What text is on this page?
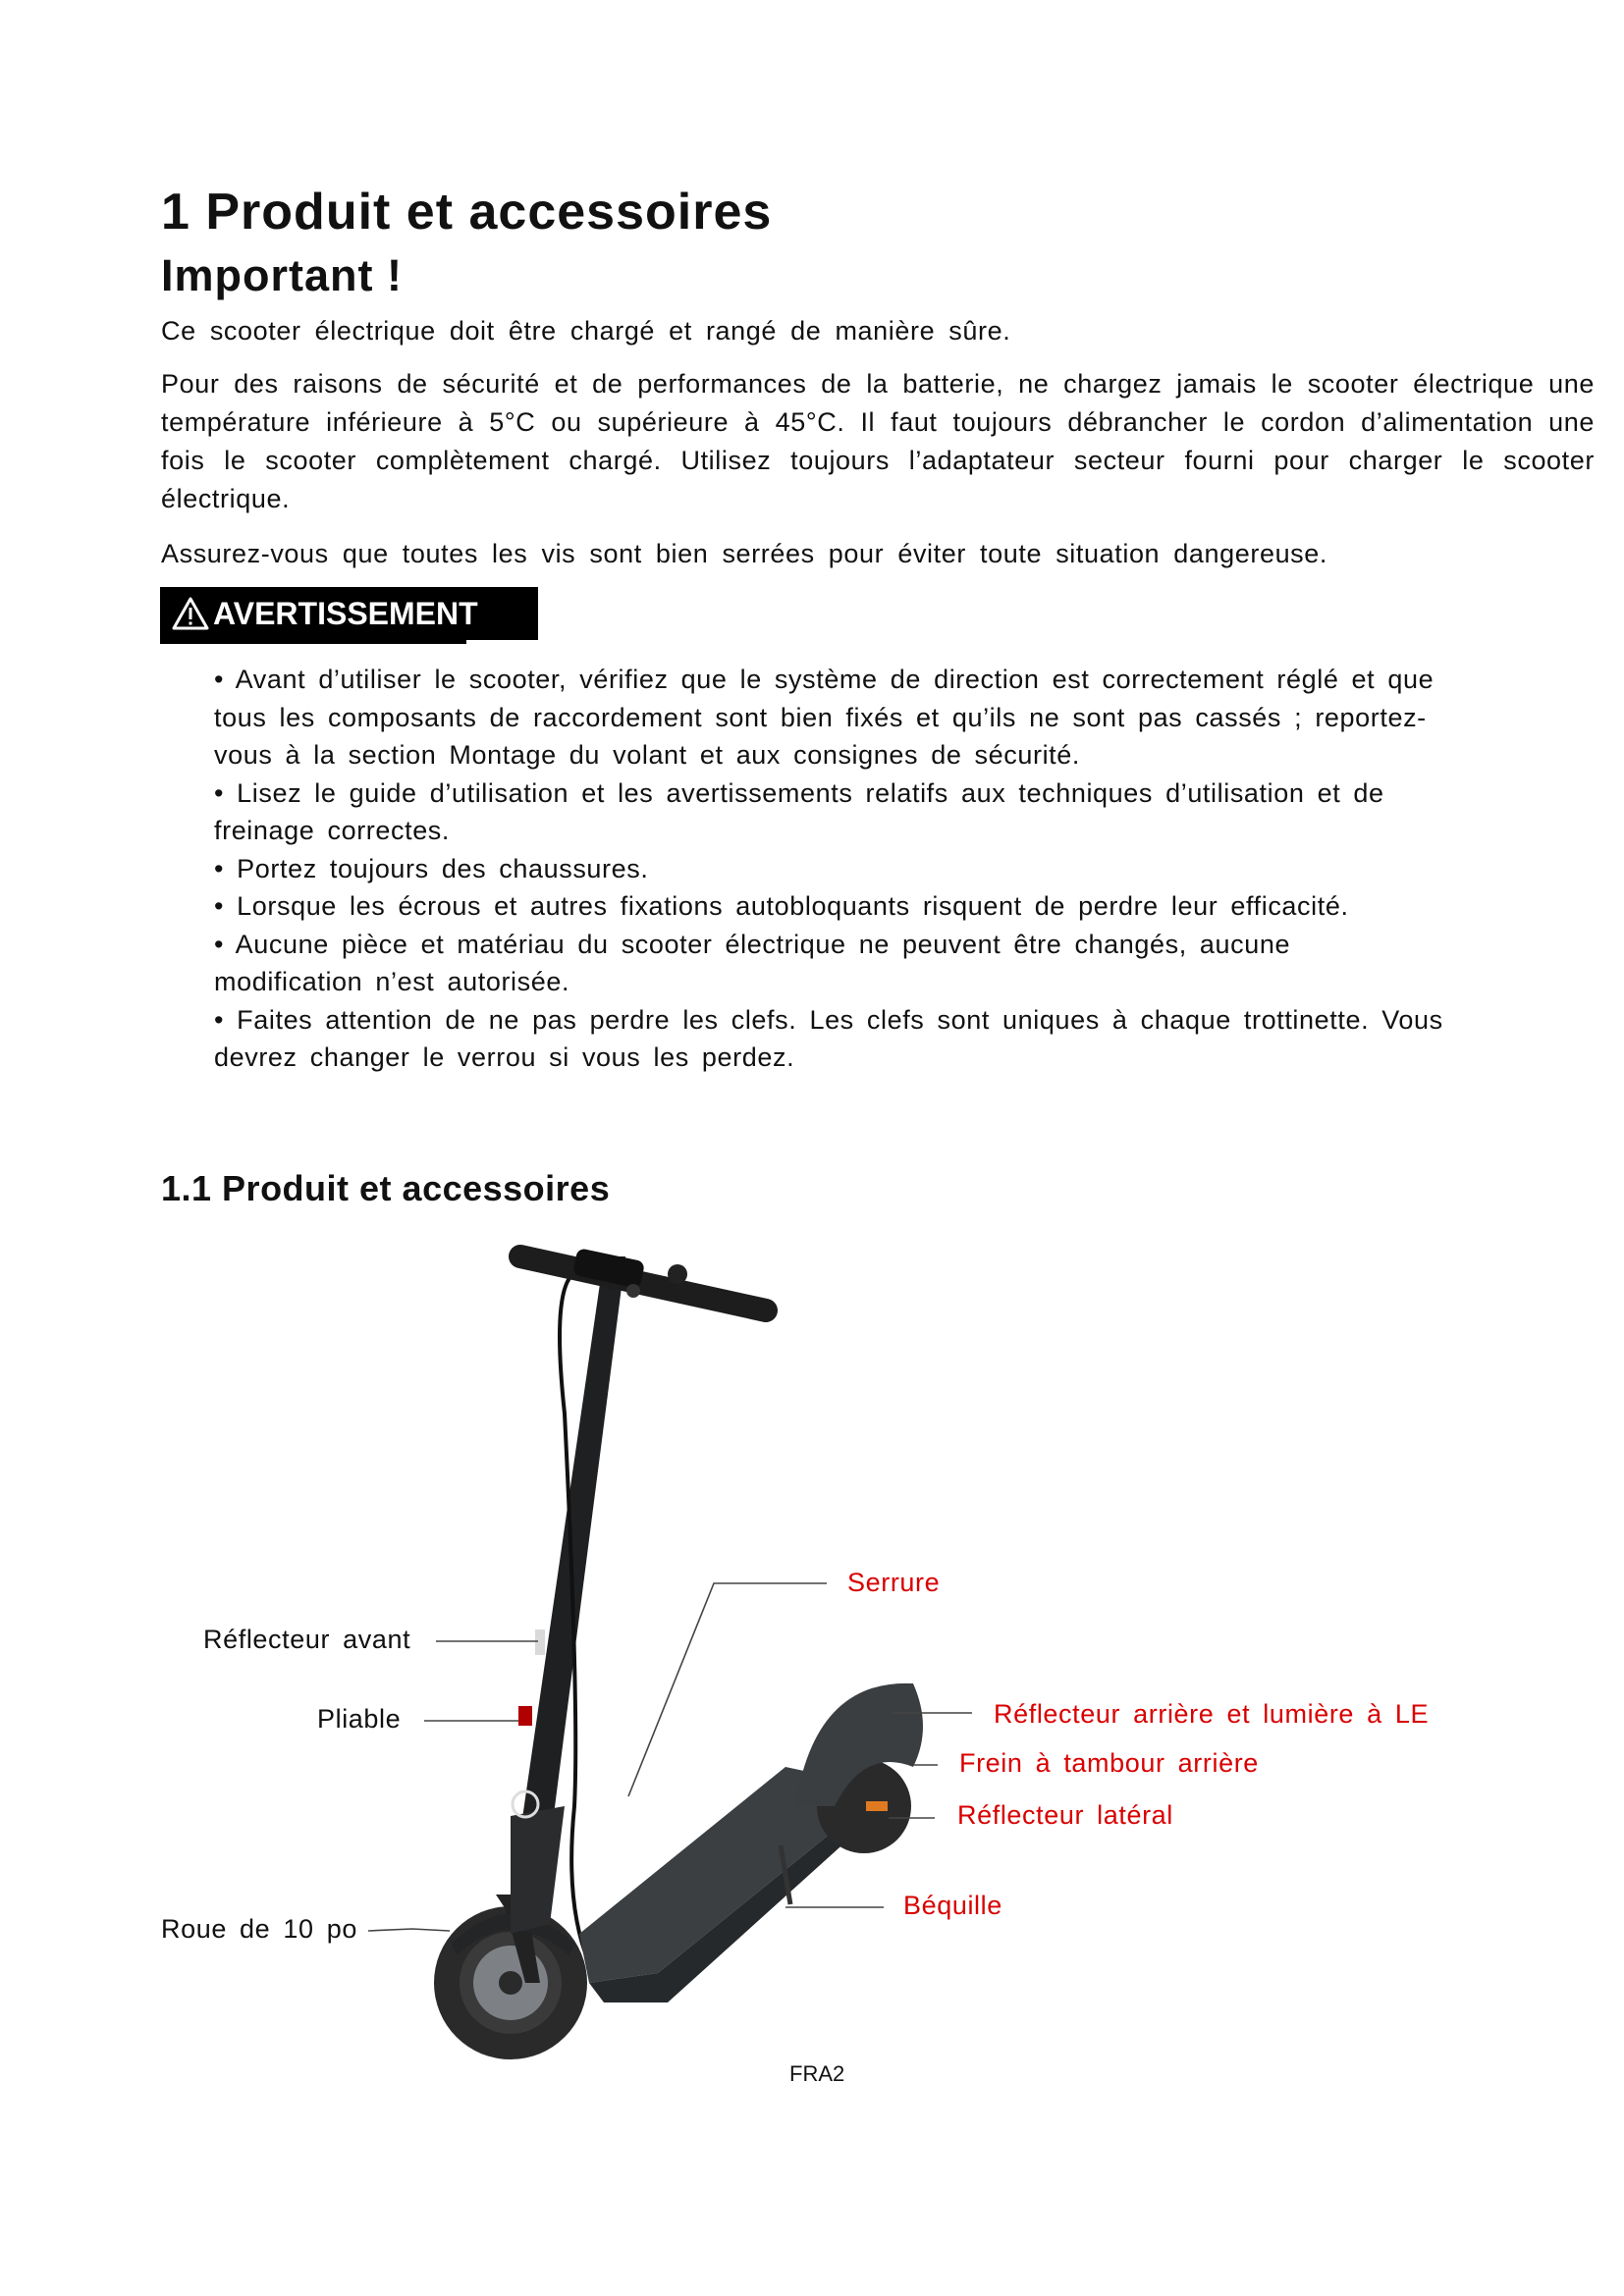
1 Produit et accessoires
Important !
Ce scooter électrique doit être chargé et rangé de manière sûre.
Pour des raisons de sécurité et de performances de la batterie, ne chargez jamais le scooter électrique une température inférieure à 5°C ou supérieure à 45°C. Il faut toujours débrancher le cordon d’alimentation une fois le scooter complètement chargé. Utilisez toujours l’adaptateur secteur fourni pour charger le scooter électrique.
Assurez-vous que toutes les vis sont bien serrées pour éviter toute situation dangereuse.
AVERTISSEMENT

• Avant d’utiliser le scooter, vérifiez que le système de direction est correctement réglé et que tous les composants de raccordement sont bien fixés et qu’ils ne sont pas cassés ; reportez-vous à la section Montage du volant et aux consignes de sécurité.

• Lisez le guide d’utilisation et les avertissements relatifs aux techniques d’utilisation et de freinage correctes.

• Portez toujours des chaussures.

• Lorsque les écrous et autres fixations autobloquants risquent de perdre leur efficacité.

• Aucune pièce et matériau du scooter électrique ne peuvent être changés, aucune modification n’est autorisée.

• Faites attention de ne pas perdre les clefs. Les clefs sont uniques à chaque trottinette. Vous devrez changer le verrou si vous les perdez.

1.1 Produit et accessoires
Serrure
Réflecteur avant
Pliable	Réflecteur arrière et lumière à LE
Frein à tambour arrière
Réflecteur latéral
Béquille
Roue de 10 po
FRA2
